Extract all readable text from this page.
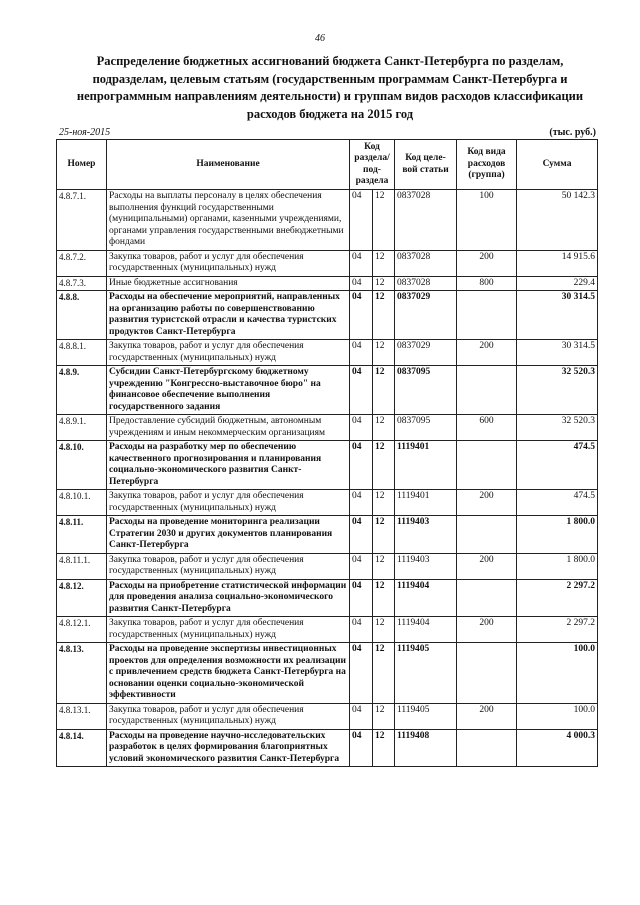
46
Распределение бюджетных ассигнований бюджета Санкт-Петербурга по разделам, подразделам, целевым статьям (государственным программам Санкт-Петербурга и непрограммным направлениям деятельности) и группам видов расходов классификации расходов бюджета на 2015 год
25-ноя-2015	(тыс. руб.)
Номер	Наименование	Код раздела/ под- раздела		Код целе- вой статьи	Код вида расходов (группа)	Сумма
4.8.7.1.	Расходы на выплаты персоналу в целях обеспечения выполнения функций государственными (муниципальными) органами, казенными учреждениями, органами управления государственными внебюджетными фондами	04	12	0837028	100	50 142.3
4.8.7.2.	Закупка товаров, работ и услуг для обеспечения государственных (муниципальных) нужд	04	12	0837028	200	14 915.6
4.8.7.3.	Иные бюджетные ассигнования	04	12	0837028	800	229.4
4.8.8.	Расходы на обеспечение мероприятий, направленных на организацию работы по совершенствованию развития туристской отрасли и качества туристских продуктов Санкт-Петербурга	04	12	0837029		30 314.5
4.8.8.1.	Закупка товаров, работ и услуг для обеспечения государственных (муниципальных) нужд	04	12	0837029	200	30 314.5
4.8.9.	Субсидии Санкт-Петербургскому бюджетному учреждению "Конгрессно-выставочное бюро" на финансовое обеспечение выполнения государственного задания	04	12	0837095		32 520.3
4.8.9.1.	Предоставление субсидий бюджетным, автономным учреждениям и иным некоммерческим организациям	04	12	0837095	600	32 520.3
4.8.10.	Расходы на разработку мер по обеспечению качественного прогнозирования и планирования социально-экономического развития Санкт-Петербурга	04	12	1119401		474.5
4.8.10.1.	Закупка товаров, работ и услуг для обеспечения государственных (муниципальных) нужд	04	12	1119401	200	474.5
4.8.11.	Расходы на проведение мониторинга реализации Стратегии 2030 и других документов планирования Санкт-Петербурга	04	12	1119403		1 800.0
4.8.11.1.	Закупка товаров, работ и услуг для обеспечения государственных (муниципальных) нужд	04	12	1119403	200	1 800.0
4.8.12.	Расходы на приобретение статистической информации для проведения анализа социально-экономического развития Санкт-Петербурга	04	12	1119404		2 297.2
4.8.12.1.	Закупка товаров, работ и услуг для обеспечения государственных (муниципальных) нужд	04	12	1119404	200	2 297.2
4.8.13.	Расходы на проведение экспертизы инвестиционных проектов для определения возможности их реализации с привлечением средств бюджета Санкт-Петербурга на основании оценки социально-экономической эффективности	04	12	1119405		100.0
4.8.13.1.	Закупка товаров, работ и услуг для обеспечения государственных (муниципальных) нужд	04	12	1119405	200	100.0
4.8.14.	Расходы на проведение научно-исследовательских разработок в целях формирования благоприятных условий экономического развития Санкт-Петербурга	04	12	1119408		4 000.3
